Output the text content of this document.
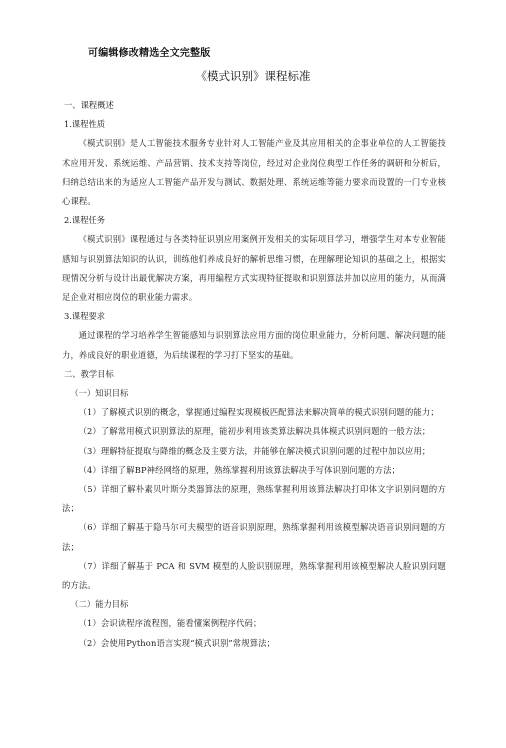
可编辑修改精选全文完整版
《模式识别》课程标准

一、课程概述

1.课程性质

《模式识别》是人工智能技术服务专业针对人工智能产业及其应用相关的企事业单位的人工智能技术应用开发、系统运维、产品营销、技术支持等岗位，经过对企业岗位典型工作任务的调研和分析后，归纳总结出来的为适应人工智能产品开发与测试、数据处理、系统运维等能力要求而设置的一门专业核心课程。

2.课程任务

《模式识别》课程通过与各类特征识别应用案例开发相关的实际项目学习，增强学生对本专业智能感知与识别算法知识的认识，训练他们养成良好的解析思维习惯，在理解理论知识的基础之上，根据实现情况分析与设计出最优解决方案，再用编程方式实现特征提取和识别算法并加以应用的能力，从而满足企业对相应岗位的职业能力需求。

3.课程要求

通过课程的学习培养学生智能感知与识别算法应用方面的岗位职业能力，分析问题、解决问题的能力，养成良好的职业道德，为后续课程的学习打下坚实的基础。

二、教学目标

（一）知识目标

（1）了解模式识别的概念，掌握通过编程实现模板匹配算法来解决简单的模式识别问题的能力；

（2）了解常用模式识别算法的原理，能初步利用该类算法解决具体模式识别问题的一般方法；

（3）理解特征提取与降维的概念及主要方法，并能够在解决模式识别问题的过程中加以应用；

（4）详细了解BP神经网络的原理，熟练掌握利用该算法解决手写体识别问题的方法；

（5）详细了解朴素贝叶斯分类器算法的原理，熟练掌握利用该算法解决打印体文字识别问题的方法；

（6）详细了解基于隐马尔可夫模型的语音识别原理，熟练掌握利用该模型解决语音识别问题的方法；

（7）详细了解基于 PCA 和 SVM 模型的人脸识别原理，熟练掌握利用该模型解决人脸识别问题的方法。

（二）能力目标

（1）会识读程序流程图，能看懂案例程序代码；

（2）会使用Python语言实现“模式识别”常规算法；
